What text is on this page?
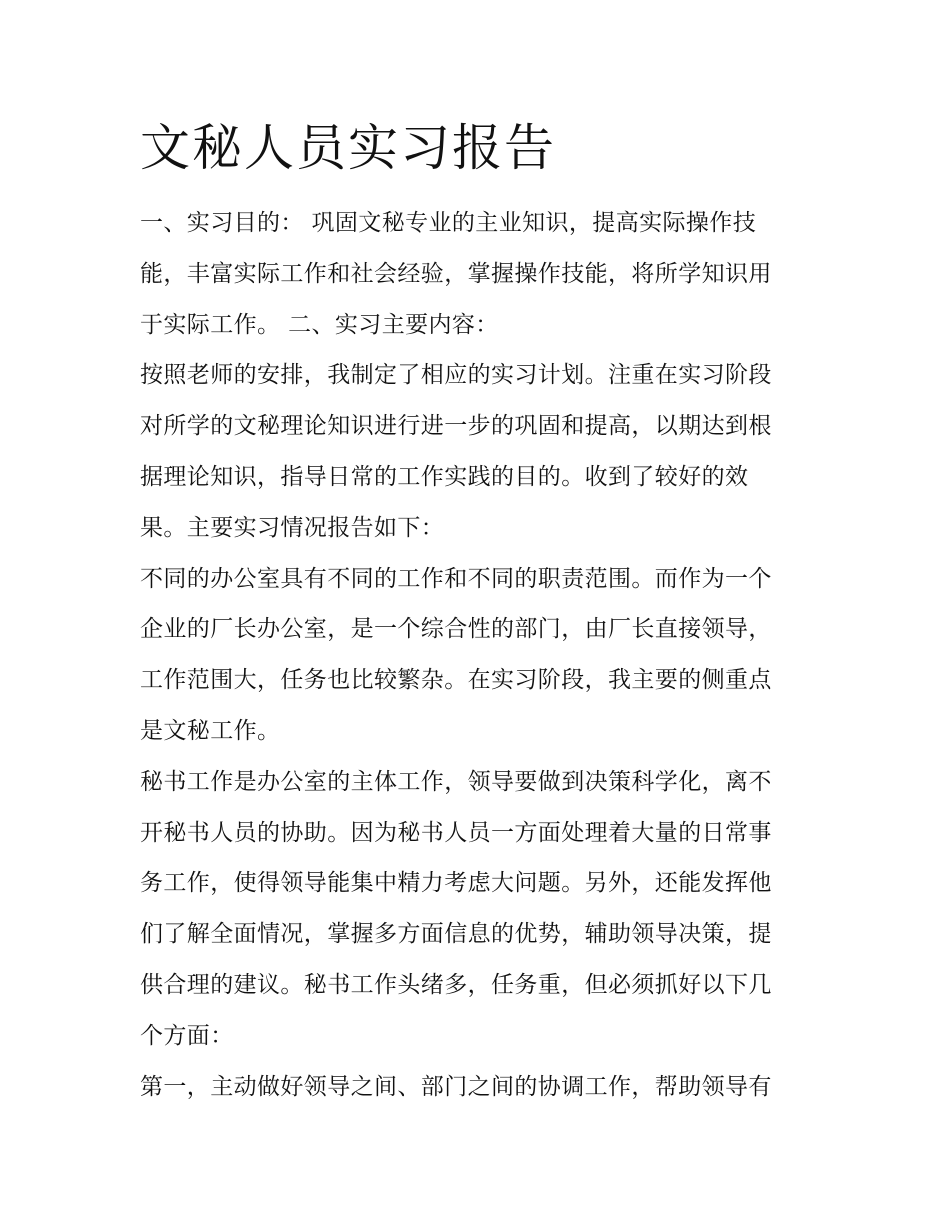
文秘人员实习报告
一、实习目的： 巩固文秘专业的主业知识，提高实际操作技
能，丰富实际工作和社会经验，掌握操作技能，将所学知识用
于实际工作。 二、实习主要内容：
按照老师的安排，我制定了相应的实习计划。注重在实习阶段
对所学的文秘理论知识进行进一步的巩固和提高，以期达到根
据理论知识，指导日常的工作实践的目的。收到了较好的效
果。主要实习情况报告如下：
不同的办公室具有不同的工作和不同的职责范围。而作为一个
企业的厂长办公室，是一个综合性的部门，由厂长直接领导，
工作范围大，任务也比较繁杂。在实习阶段，我主要的侧重点
是文秘工作。
秘书工作是办公室的主体工作，领导要做到决策科学化，离不
开秘书人员的协助。因为秘书人员一方面处理着大量的日常事
务工作，使得领导能集中精力考虑大问题。另外，还能发挥他
们了解全面情况，掌握多方面信息的优势，辅助领导决策，提
供合理的建议。秘书工作头绪多，任务重，但必须抓好以下几
个方面：
第一，主动做好领导之间、部门之间的协调工作，帮助领导有
